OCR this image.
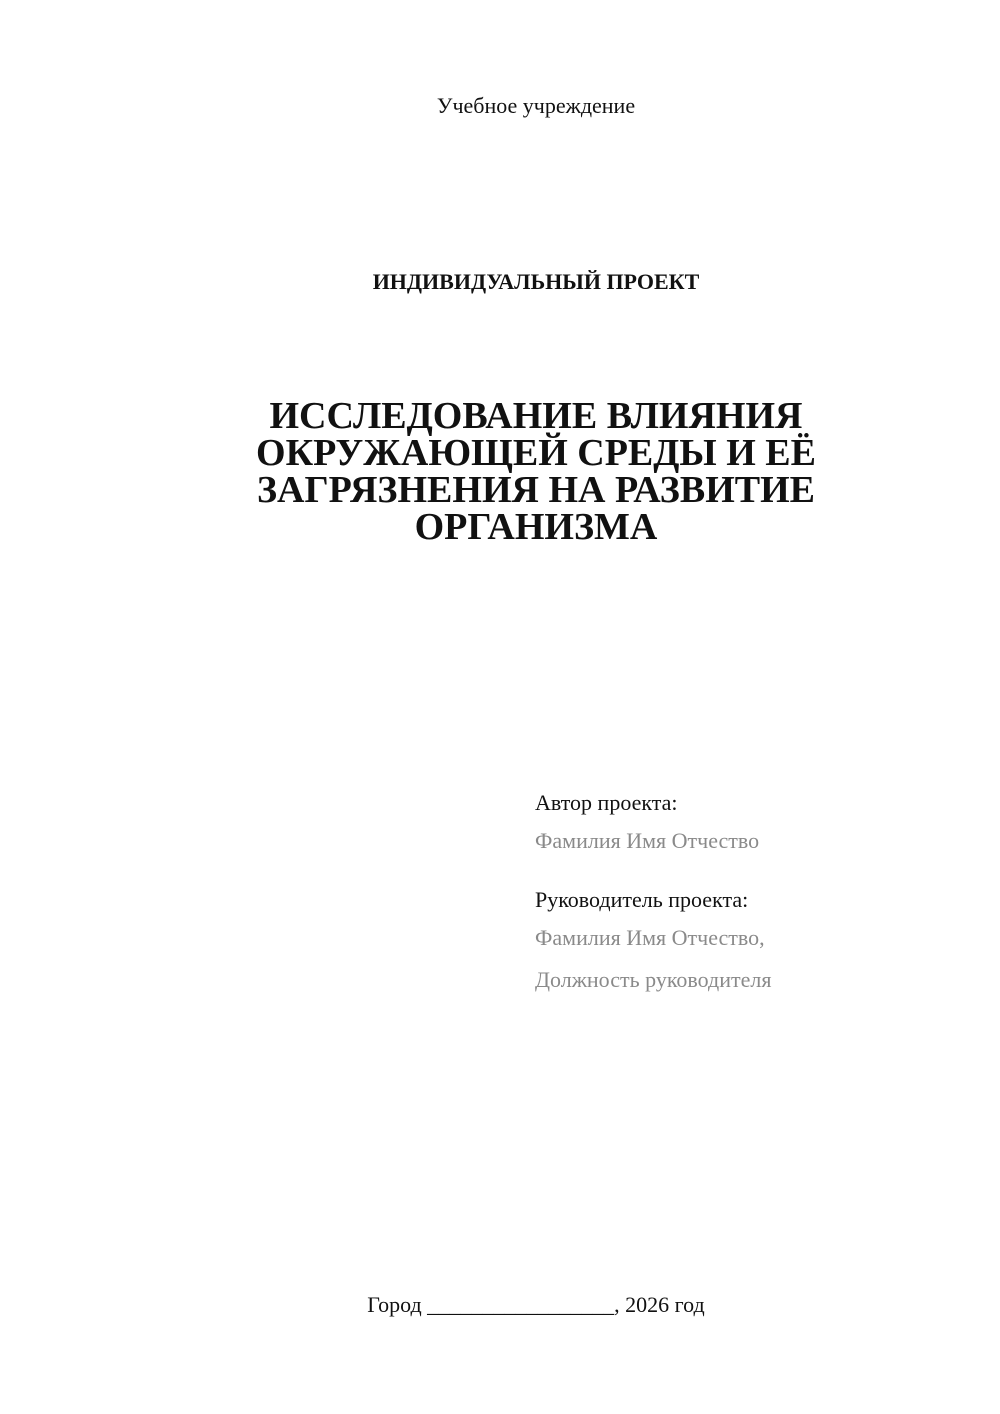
Учебное учреждение
ИНДИВИДУАЛЬНЫЙ ПРОЕКТ
ИССЛЕДОВАНИЕ ВЛИЯНИЯ
ОКРУЖАЮЩЕЙ СРЕДЫ И ЕЁ
ЗАГРЯЗНЕНИЯ НА РАЗВИТИЕ
ОРГАНИЗМА
Автор проекта:
Фамилия Имя Отчество
Руководитель проекта:
Фамилия Имя Отчество,
Должность руководителя
Город _________________, 2026 год
